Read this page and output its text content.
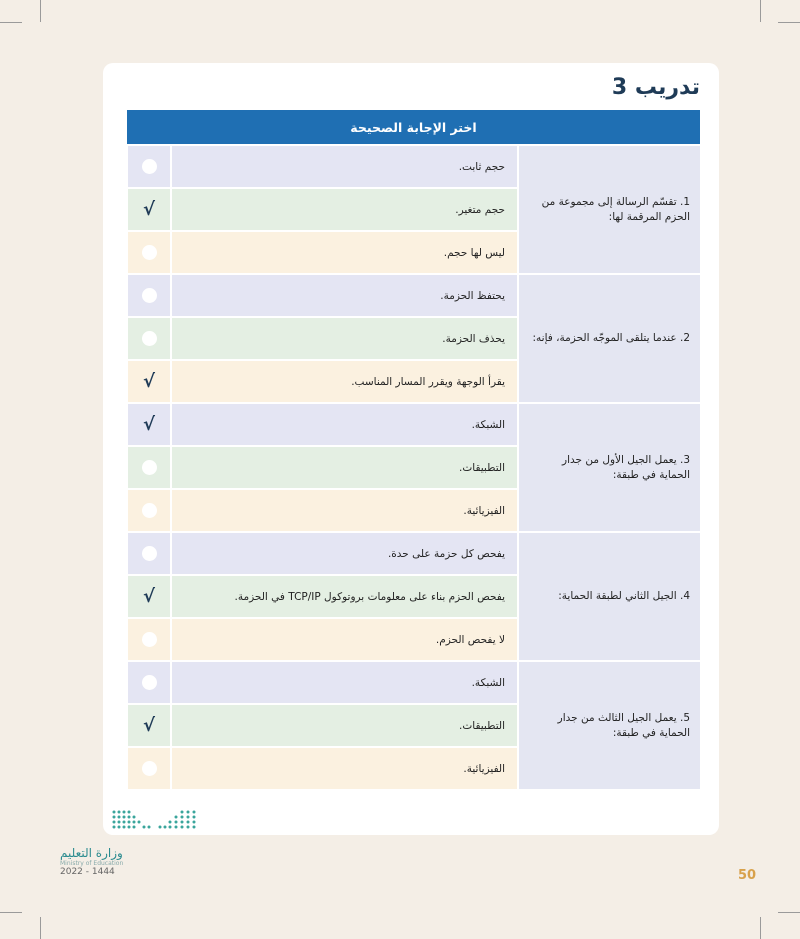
تدريب 3
اختر الإجابة الصحيحة		
1. تقسّم الرسالة إلى مجموعة من الحزم المرقمة لها:	حجم ثابت.	
	حجم متغير.	√
	ليس لها حجم.	
2. عندما يتلقى الموجّه الحزمة، فإنه:	يحتفظ الحزمة.	
	يحذف الحزمة.	
	يقرأ الوجهة ويقرر المسار المناسب.	√
3. يعمل الجيل الأول من جدار الحماية في طبقة:	الشبكة.	√
	التطبيقات.	
	الفيزيائية.	
4. الجيل الثاني لطبقة الحماية:	يفحص كل حزمة على حدة.	
	يفحص الحزم بناء على معلومات بروتوكول TCP/IP في الحزمة.	√
	لا يفحص الحزم.	
5. يعمل الجيل الثالث من جدار الحماية في طبقة:	الشبكة.	
	التطبيقات.	√
	الفيزيائية.	
وزارة التعليم
Ministry of Education
2022 - 1444	50
